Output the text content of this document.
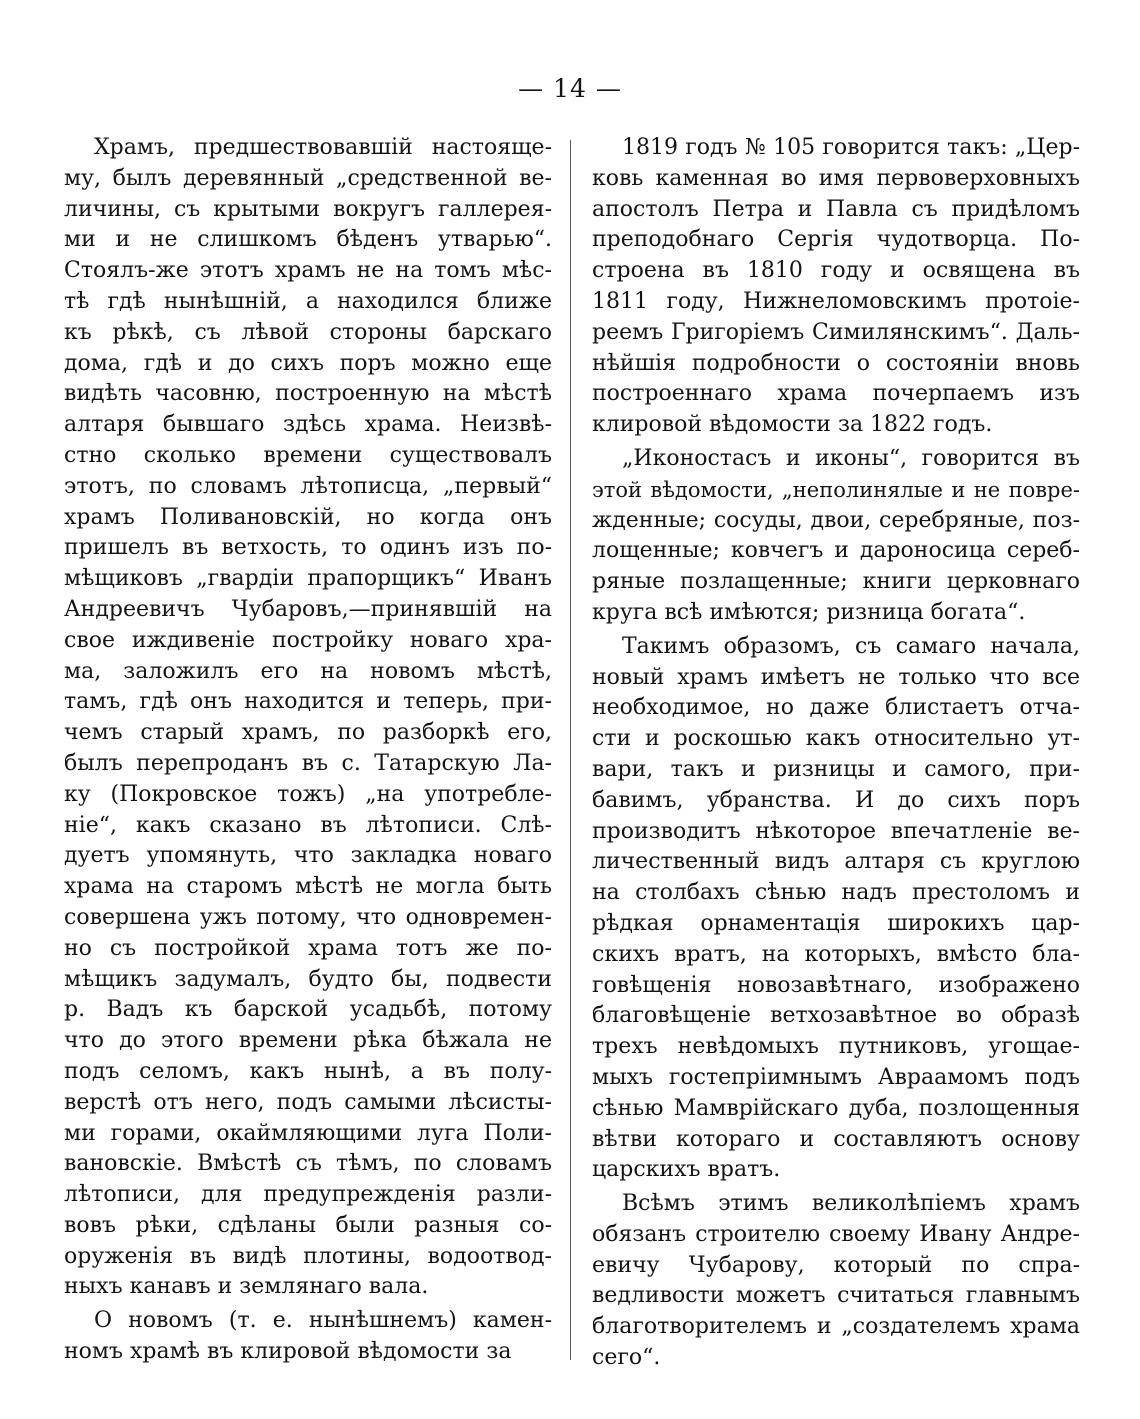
— 14 —
Храмъ, предшествовавшій настояще-
му, былъ деревянный „средственной ве-
личины, съ крытыми вокругъ галлерея-
ми и не слишкомъ бѣденъ утварью“.
Стоялъ-же этотъ храмъ не на томъ мѣс-
тѣ гдѣ нынѣшній, а находился ближе
къ рѣкѣ, съ лѣвой стороны барскаго
дома, гдѣ и до сихъ поръ можно еще
видѣть часовню, построенную на мѣстѣ
алтаря бывшаго здѣсь храма. Неизвѣ-
стно сколько времени существовалъ
этотъ, по словамъ лѣтописца, „первый“
храмъ Поливановскій, но когда онъ
пришелъ въ ветхость, то одинъ изъ по-
мѣщиковъ „гвардіи прапорщикъ“ Иванъ
Андреевичъ Чубаровъ,—принявшій на
свое иждивеніе постройку новаго хра-
ма, заложилъ его на новомъ мѣстѣ,
тамъ, гдѣ онъ находится и теперь, при-
чемъ старый храмъ, по разборкѣ его,
былъ перепроданъ въ с. Татарскую Ла-
ку (Покровское тожъ) „на употребле-
ніе“, какъ сказано въ лѣтописи. Слѣ-
дуетъ упомянуть, что закладка новаго
храма на старомъ мѣстѣ не могла быть
совершена ужъ потому, что одновремен-
но съ постройкой храма тотъ же по-
мѣщикъ задумалъ, будто бы, подвести
р. Вадъ къ барской усадьбѣ, потому
что до этого времени рѣка бѣжала не
подъ селомъ, какъ нынѣ, а въ полу-
верстѣ отъ него, подъ самыми лѣсисты-
ми горами, окаймляющими луга Поли-
вановскіе. Вмѣстѣ съ тѣмъ, по словамъ
лѣтописи, для предупрежденія разли-
вовъ рѣки, сдѣланы были разныя со-
оруженія въ видѣ плотины, водоотвод-
ныхъ канавъ и землянаго вала.
О новомъ (т. е. нынѣшнемъ) камен-
номъ храмѣ въ клировой вѣдомости за
1819 годъ № 105 говорится такъ: „Цер-
ковь каменная во имя первоверховныхъ
апостолъ Петра и Павла съ придѣломъ
преподобнаго Сергія чудотворца. По-
строена въ 1810 году и освящена въ
1811 году, Нижнеломовскимъ протоіе-
реемъ Григоріемъ Симилянскимъ“. Даль-
нѣйшія подробности о состояніи вновь
построеннаго храма почерпаемъ изъ
клировой вѣдомости за 1822 годъ.
„Иконостасъ и иконы“, говорится въ
этой вѣдомости, „неполинялые и не повре-
жденные; сосуды, двои, серебряные, поз-
лощенные; ковчегъ и дароносица сереб-
ряные позлащенные; книги церковнаго
круга всѣ имѣются; ризница богата“.
Такимъ образомъ, съ самаго начала,
новый храмъ имѣетъ не только что все
необходимое, но даже блистаетъ отча-
сти и роскошью какъ относительно ут-
вари, такъ и ризницы и самого, при-
бавимъ, убранства. И до сихъ поръ
производитъ нѣкоторое впечатленіе ве-
личественный видъ алтаря съ круглою
на столбахъ сѣнью надъ престоломъ и
рѣдкая орнаментація широкихъ цар-
скихъ вратъ, на которыхъ, вмѣсто бла-
говѣщенія новозавѣтнаго, изображено
благовѣщеніе ветхозавѣтное во образѣ
трехъ невѣдомыхъ путниковъ, угощае-
мыхъ гостепріимнымъ Авраамомъ подъ
сѣнью Мамврійскаго дуба, позлощенныя
вѣтви котораго и составляютъ основу
царскихъ вратъ.
Всѣмъ этимъ великолѣпіемъ храмъ
обязанъ строителю своему Ивану Андре-
евичу Чубарову, который по спра-
ведливости можетъ считаться главнымъ
благотворителемъ и „создателемъ храма
сего“.
